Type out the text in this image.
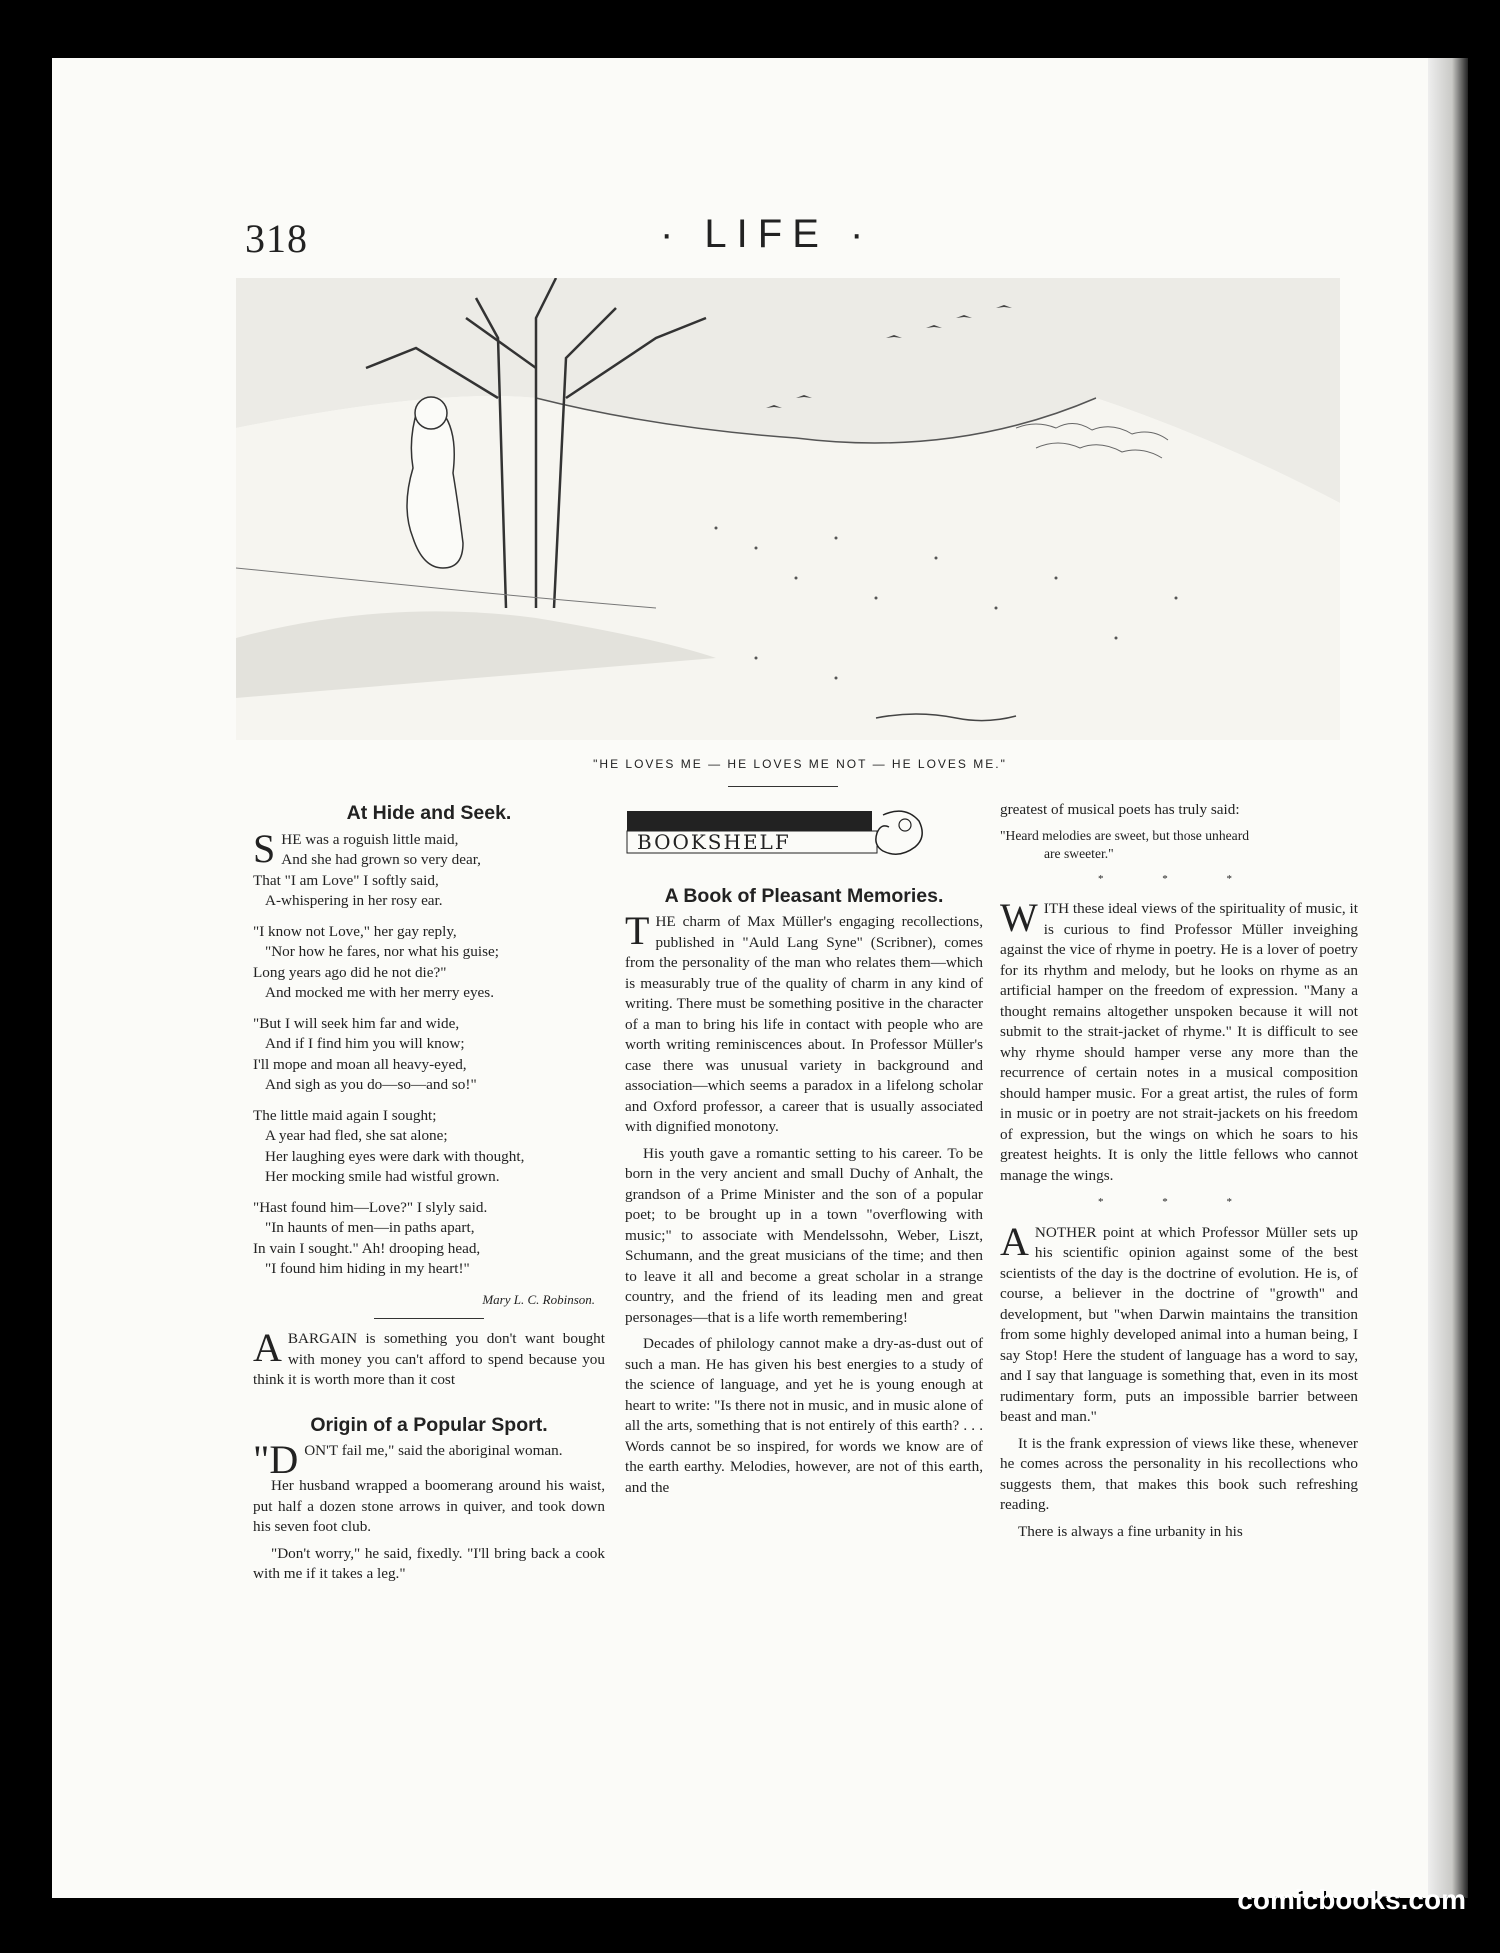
318	· LIFE ·
"HE LOVES ME — HE LOVES ME NOT — HE LOVES ME."
At Hide and Seek.
S HE was a roguish little maid,
And she had grown so very dear,
That "I am Love" I softly said,
A-whispering in her rosy ear.
"I know not Love," her gay reply,
"Nor how he fares, nor what his guise;
Long years ago did he not die?"
And mocked me with her merry eyes.
"But I will seek him far and wide,
And if I find him you will know;
I'll mope and moan all heavy-eyed,
And sigh as you do—so—and so!"
The little maid again I sought;
A year had fled, she sat alone;
Her laughing eyes were dark with thought,
Her mocking smile had wistful grown.
"Hast found him—Love?" I slyly said.
"In haunts of men—in paths apart,
In vain I sought." Ah! drooping head,
"I found him hiding in my heart!"
Mary L. C. Robinson.

ABARGAIN is something you don't want bought with money you can't afford to spend because you think it is worth more than it cost

Origin of a Popular Sport.

"DON'T fail me," said the aboriginal woman.

Her husband wrapped a boomerang around his waist, put half a dozen stone arrows in quiver, and took down his seven foot club.

"Don't worry," he said, fixedly. "I'll bring back a cook with me if it takes a leg."

BOOKSHELF
A Book of Pleasant Memories.

THE charm of Max Müller's engaging recollections, published in "Auld Lang Syne" (Scribner), comes from the personality of the man who relates them—which is measurably true of the quality of charm in any kind of writing. There must be something positive in the character of a man to bring his life in contact with people who are worth writing reminiscences about. In Professor Müller's case there was unusual variety in background and association—which seems a paradox in a lifelong scholar and Oxford professor, a career that is usually associated with dignified monotony.

His youth gave a romantic setting to his career. To be born in the very ancient and small Duchy of Anhalt, the grandson of a Prime Minister and the son of a popular poet; to be brought up in a town "overflowing with music;" to associate with Mendelssohn, Weber, Liszt, Schumann, and the great musicians of the time; and then to leave it all and become a great scholar in a strange country, and the friend of its leading men and great personages—that is a life worth remembering!

Decades of philology cannot make a dry-as-dust out of such a man. He has given his best energies to a study of the science of language, and yet he is young enough at heart to write: "Is there not in music, and in music alone of all the arts, something that is not entirely of this earth? . . . Words cannot be so inspired, for words we know are of the earth earthy. Melodies, however, are not of this earth, and the

greatest of musical poets has truly said:

"Heard melodies are sweet, but those unheard
are sweeter."
* * *

WITH these ideal views of the spirituality of music, it is curious to find Professor Müller inveighing against the vice of rhyme in poetry. He is a lover of poetry for its rhythm and melody, but he looks on rhyme as an artificial hamper on the freedom of expression. "Many a thought remains altogether unspoken because it will not submit to the strait-jacket of rhyme." It is difficult to see why rhyme should hamper verse any more than the recurrence of certain notes in a musical composition should hamper music. For a great artist, the rules of form in music or in poetry are not strait-jackets on his freedom of expression, but the wings on which he soars to his greatest heights. It is only the little fellows who cannot manage the wings.

* * *

ANOTHER point at which Professor Müller sets up his scientific opinion against some of the best scientists of the day is the doctrine of evolution. He is, of course, a believer in the doctrine of "growth" and development, but "when Darwin maintains the transition from some highly developed animal into a human being, I say Stop! Here the student of language has a word to say, and I say that language is something that, even in its most rudimentary form, puts an impossible barrier between beast and man."

It is the frank expression of views like these, whenever he comes across the personality in his recollections who suggests them, that makes this book such refreshing reading.

There is always a fine urbanity in his

comicbooks.com
